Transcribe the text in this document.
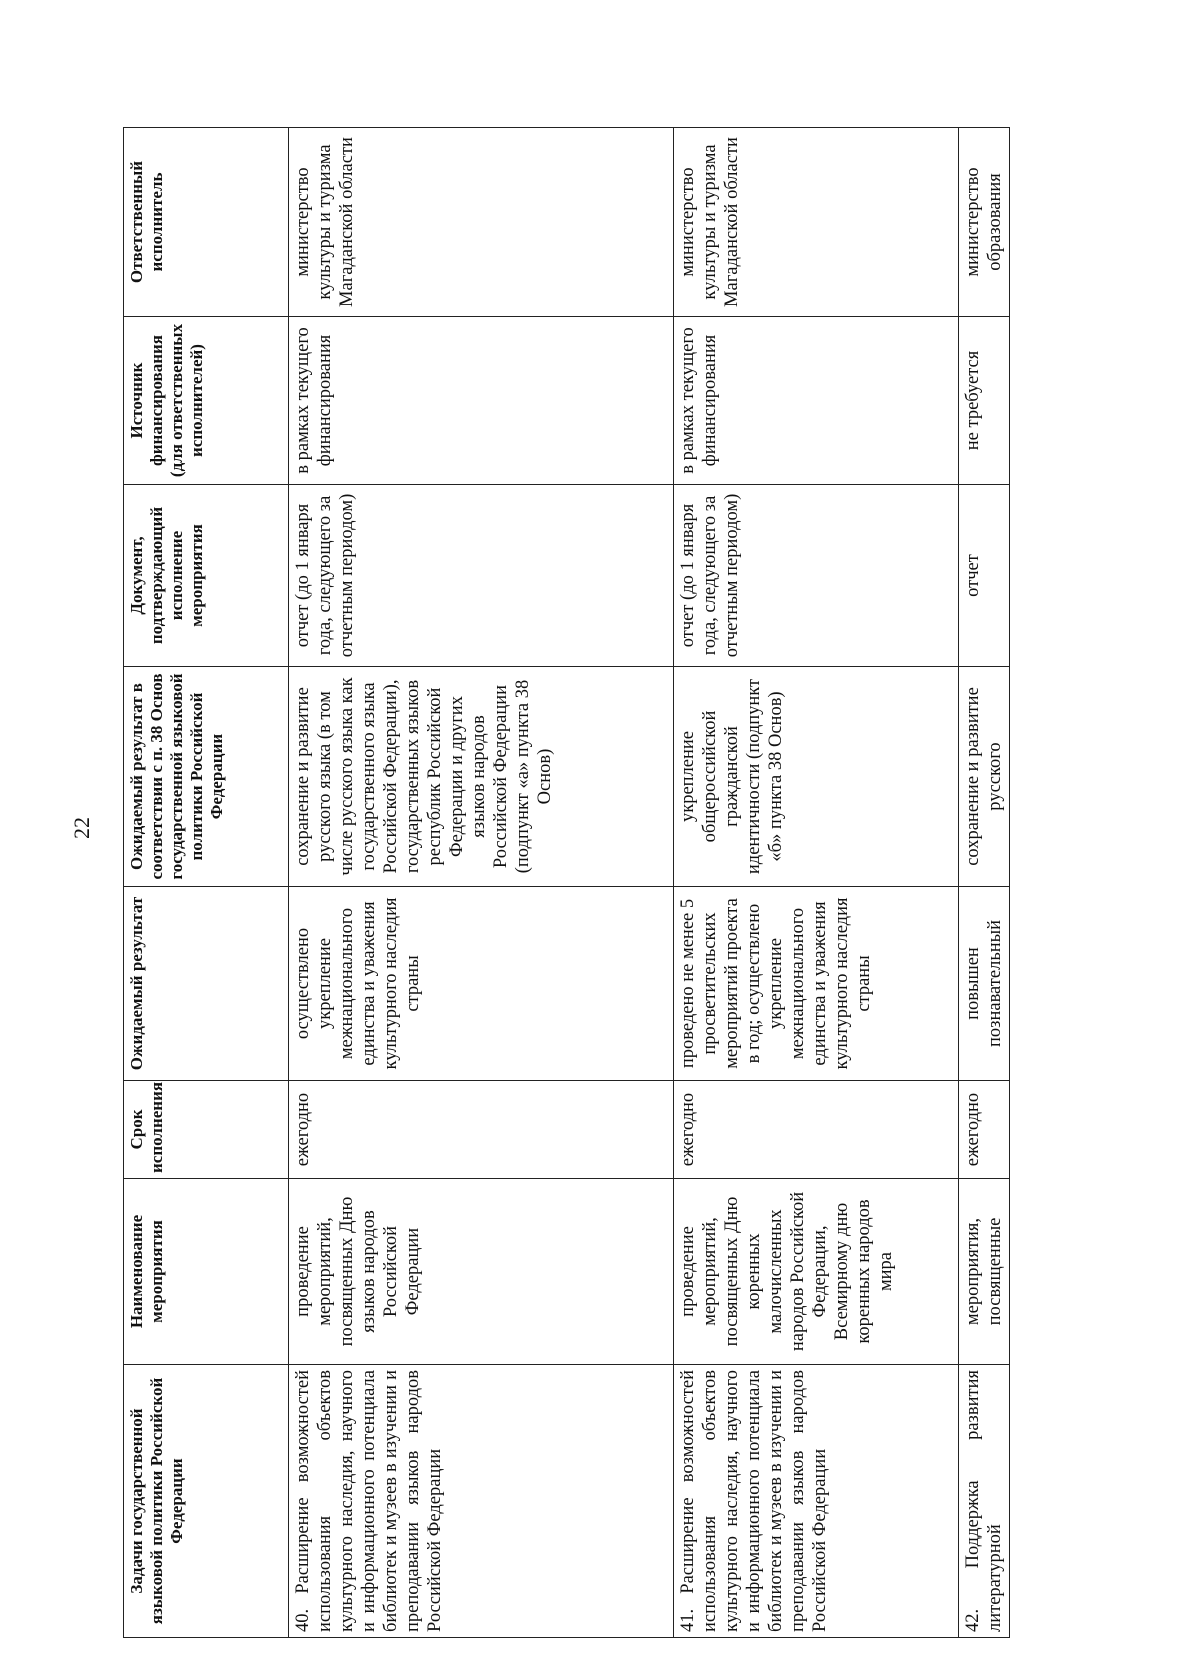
22
Задачи государственной языковой политики Российской Федерации	Наименование мероприятия	Срок исполнения	Ожидаемый результат	Ожидаемый результат в соответствии с п. 38 Основ государственной языковой политики Российской Федерации	Документ, подтверждающий исполнение мероприятия	Источник финансирования (для ответственных исполнителей)	Ответственный исполнитель
40. Расширение возможностей использования объектов культурного наследия, научного и информационного потенциала библиотек и музеев в изучении и преподавании языков народов Российской Федерации	проведение мероприятий, посвященных Дню языков народов Российской Федерации	ежегодно	осуществлено укрепление межнационального единства и уважения культурного наследия страны	сохранение и развитие русского языка (в том числе русского языка как государственного языка Российской Федерации), государственных языков республик Российской Федерации и других языков народов Российской Федерации (подпункт «а» пункта 38 Основ)	отчет (до 1 января года, следующего за отчетным периодом)	в рамках текущего финансирования	министерство культуры и туризма Магаданской области
41. Расширение возможностей использования объектов культурного наследия, научного и информационного потенциала библиотек и музеев в изучении и преподавании языков народов Российской Федерации	проведение мероприятий, посвященных Дню коренных малочисленных народов Российской Федерации, Всемирному дню коренных народов мира	ежегодно	проведено не менее 5 просветительских мероприятий проекта в год; осуществлено укрепление межнационального единства и уважения культурного наследия страны	укрепление общероссийской гражданской идентичности (подпункт «б» пункта 38 Основ)	отчет (до 1 января года, следующего за отчетным периодом)	в рамках текущего финансирования	министерство культуры и туризма Магаданской области
42. Поддержка развития литературной	мероприятия, посвященные	ежегодно	повышен познавательный	сохранение и развитие русского	отчет	не требуется	министерство образования
